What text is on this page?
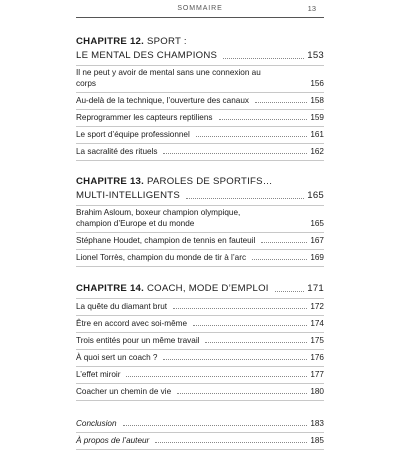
SOMMAIRE	13
CHAPITRE 12. SPORT :
LE MENTAL DES CHAMPIONS	153
Il ne peut y avoir de mental sans une connexion au corps	156
Au-delà de la technique, l’ouverture des canaux	158
Reprogrammer les capteurs reptiliens	159
Le sport d’équipe professionnel	161
La sacralité des rituels	162
CHAPITRE 13. PAROLES DE SPORTIFS…
MULTI-INTELLIGENTS	165
Brahim Asloum, boxeur champion olympique, champion d’Europe et du monde	165
Stéphane Houdet, champion de tennis en fauteuil	167
Lionel Torrès, champion du monde de tir à l’arc	169
CHAPITRE 14. COACH, MODE D’EMPLOI	171
La quête du diamant brut	172
Être en accord avec soi-même	174
Trois entités pour un même travail	175
À quoi sert un coach ?	176
L’effet miroir	177
Coacher un chemin de vie	180
Conclusion	183
À propos de l’auteur	185
